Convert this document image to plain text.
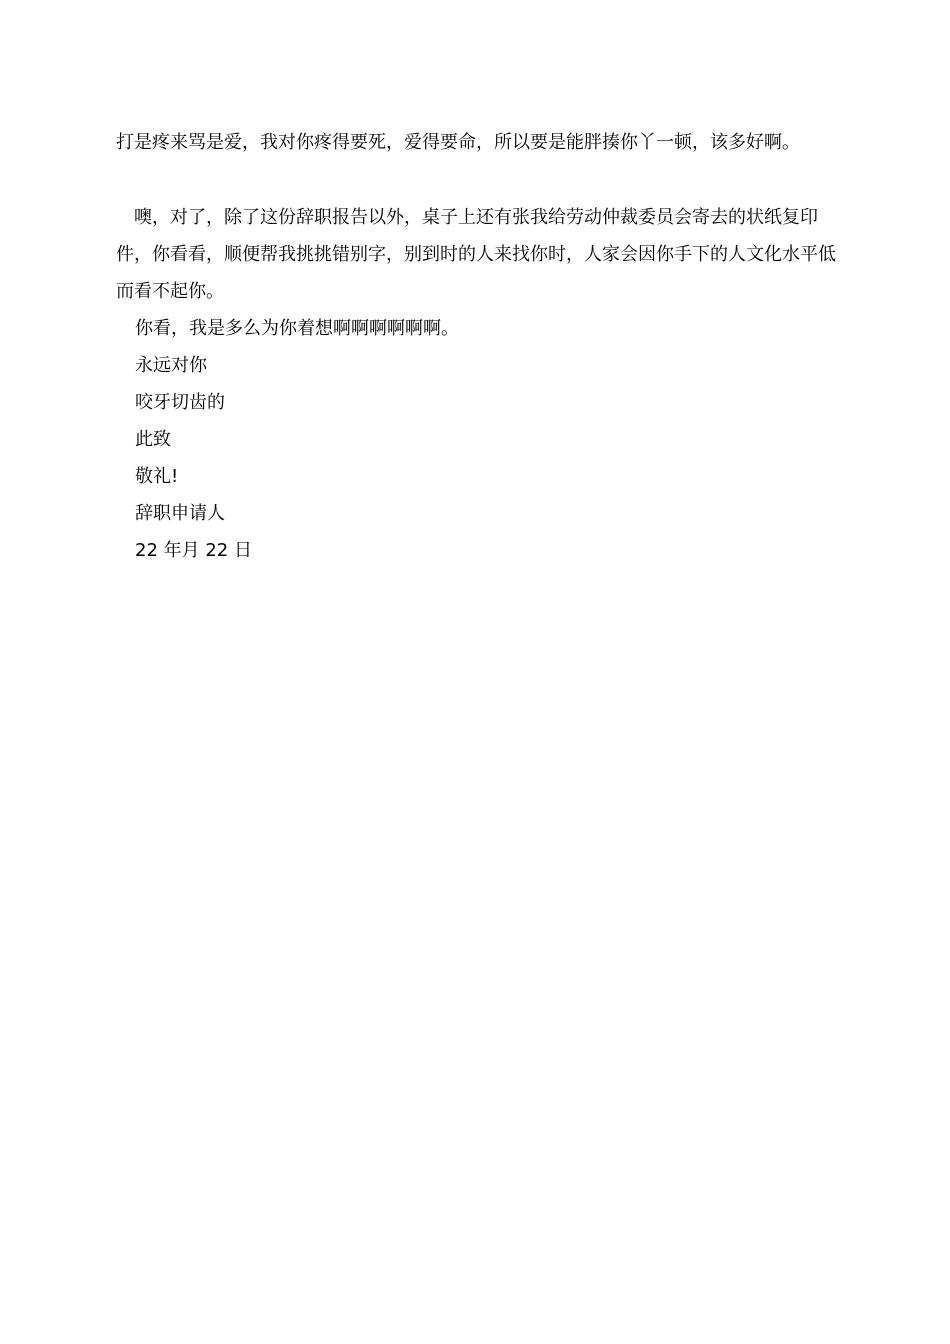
打是疼来骂是爱，我对你疼得要死，爱得要命，所以要是能胖揍你丫一顿，该多好啊。

噢，对了，除了这份辞职报告以外，桌子上还有张我给劳动仲裁委员会寄去的状纸复印件，你看看，顺便帮我挑挑错别字，别到时的人来找你时，人家会因你手下的人文化水平低而看不起你。

你看，我是多么为你着想啊啊啊啊啊啊。

永远对你

咬牙切齿的

此致

敬礼!

辞职申请人

22 年月 22 日
